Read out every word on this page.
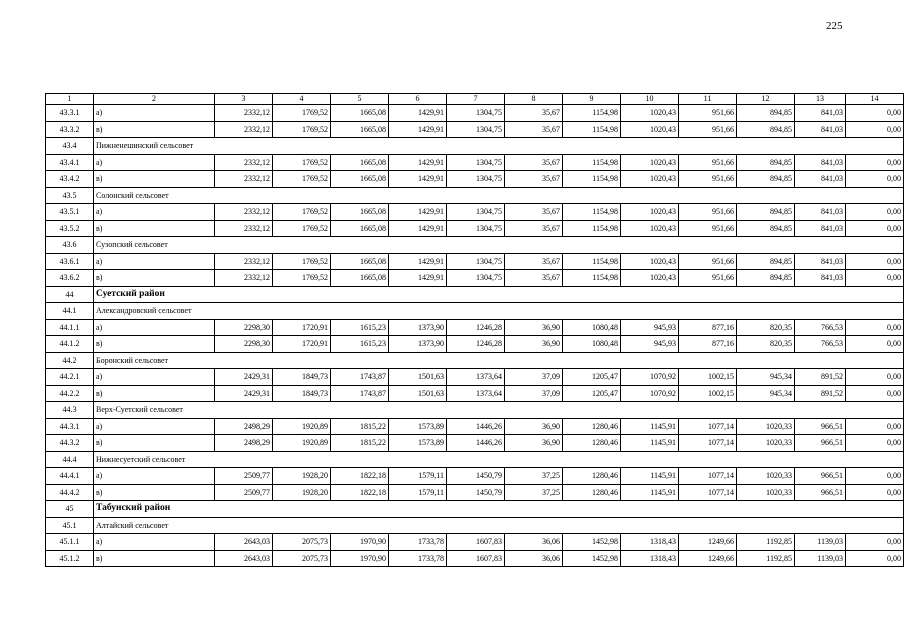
225
1	2	3	4	5	6	7	8	9	10	11	12	13	14
43.3.1	а)	2332,12	1769,52	1665,08	1429,91	1304,75	35,67	1154,98	1020,43	951,66	894,85	841,03	0,00
43.3.2	в)	2332,12	1769,52	1665,08	1429,91	1304,75	35,67	1154,98	1020,43	951,66	894,85	841,03	0,00
43.4	Пижненешинский сельсовет												
43.4.1	а)	2332,12	1769,52	1665,08	1429,91	1304,75	35,67	1154,98	1020,43	951,66	894,85	841,03	0,00
43.4.2	в)	2332,12	1769,52	1665,08	1429,91	1304,75	35,67	1154,98	1020,43	951,66	894,85	841,03	0,00
43.5	Солонский сельсовет												
43.5.1	а)	2332,12	1769,52	1665,08	1429,91	1304,75	35,67	1154,98	1020,43	951,66	894,85	841,03	0,00
43.5.2	в)	2332,12	1769,52	1665,08	1429,91	1304,75	35,67	1154,98	1020,43	951,66	894,85	841,03	0,00
43.6	Сузопский сельсовет												
43.6.1	а)	2332,12	1769,52	1665,08	1429,91	1304,75	35,67	1154,98	1020,43	951,66	894,85	841,03	0,00
43.6.2	в)	2332,12	1769,52	1665,08	1429,91	1304,75	35,67	1154,98	1020,43	951,66	894,85	841,03	0,00
44	Суетский район												
44.1	Александровский сельсовет												
44.1.1	а)	2298,30	1720,91	1615,23	1373,90	1246,28	36,90	1080,48	945,93	877,16	820,35	766,53	0,00
44.1.2	в)	2298,30	1720,91	1615,23	1373,90	1246,28	36,90	1080,48	945,93	877,16	820,35	766,53	0,00
44.2	Боронский сельсовет												
44.2.1	а)	2429,31	1849,73	1743,87	1501,63	1373,64	37,09	1205,47	1070,92	1002,15	945,34	891,52	0,00
44.2.2	в)	2429,31	1849,73	1743,87	1501,63	1373,64	37,09	1205,47	1070,92	1002,15	945,34	891,52	0,00
44.3	Верх-Суетский сельсовет												
44.3.1	а)	2498,29	1920,89	1815,22	1573,89	1446,26	36,90	1280,46	1145,91	1077,14	1020,33	966,51	0,00
44.3.2	в)	2498,29	1920,89	1815,22	1573,89	1446,26	36,90	1280,46	1145,91	1077,14	1020,33	966,51	0,00
44.4	Нижнесуетский сельсовет												
44.4.1	а)	2509,77	1928,20	1822,18	1579,11	1450,79	37,25	1280,46	1145,91	1077,14	1020,33	966,51	0,00
44.4.2	в)	2509,77	1928,20	1822,18	1579,11	1450,79	37,25	1280,46	1145,91	1077,14	1020,33	966,51	0,00
45	Табунский район												
45.1	Алтайский сельсовет												
45.1.1	а)	2643,03	2075,73	1970,90	1733,78	1607,83	36,06	1452,98	1318,43	1249,66	1192,85	1139,03	0,00
45.1.2	в)	2643,03	2075,73	1970,90	1733,78	1607,83	36,06	1452,98	1318,43	1249,66	1192,85	1139,03	0,00
